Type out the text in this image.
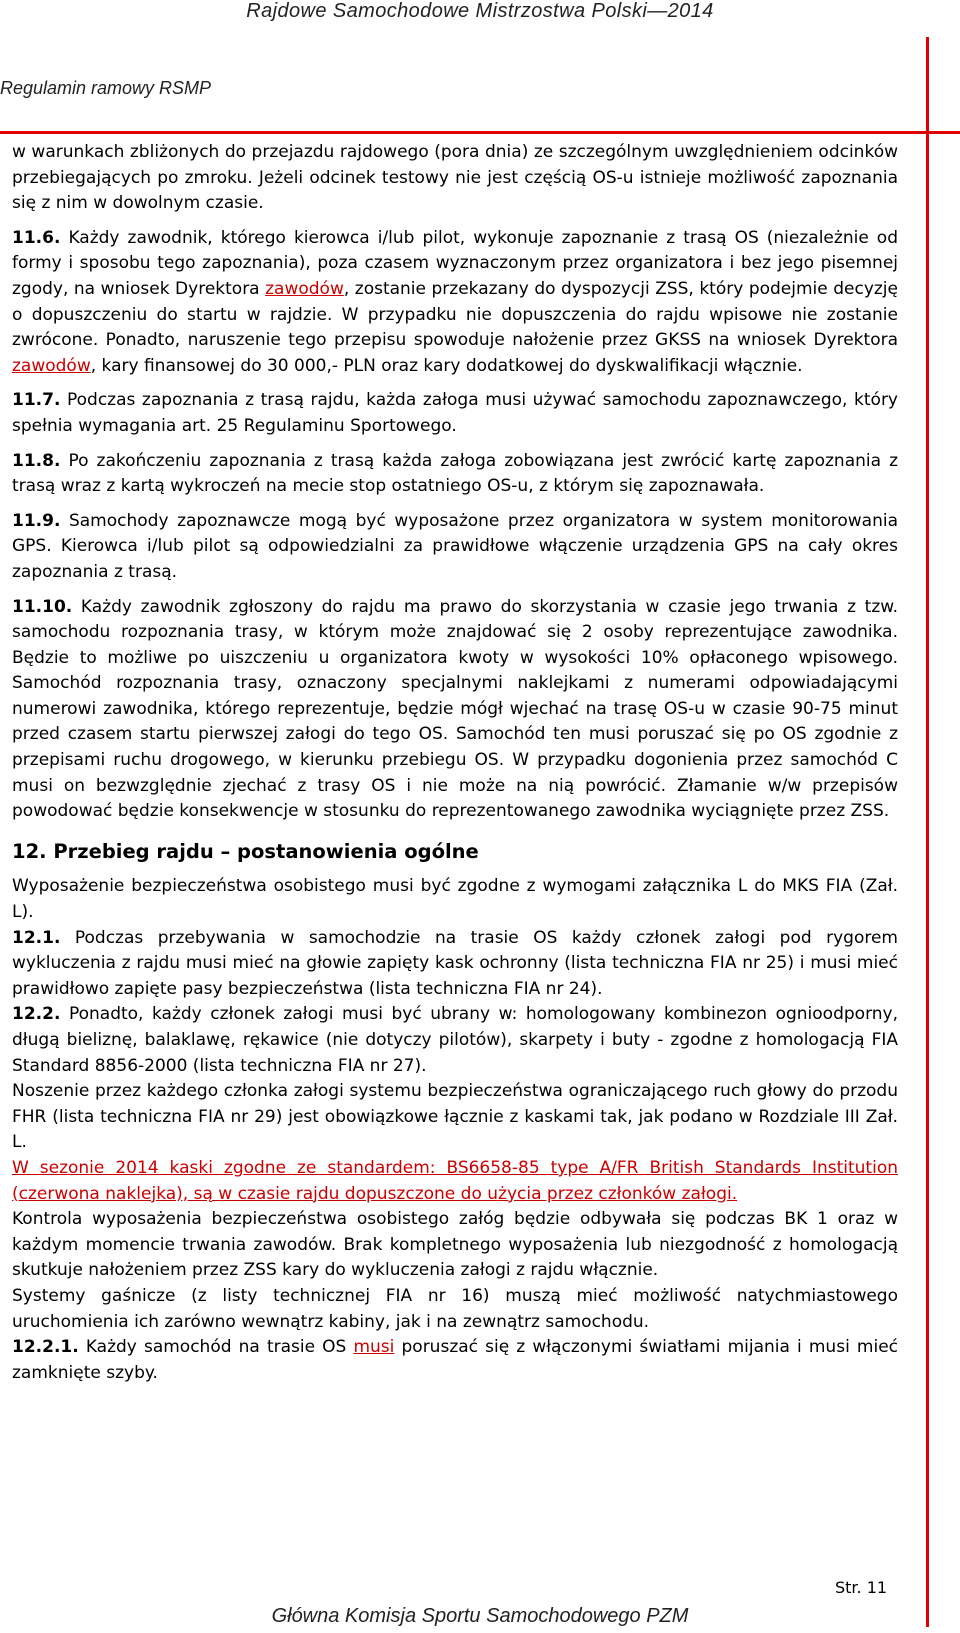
Rajdowe Samochodowe Mistrzostwa Polski—2014
Regulamin ramowy RSMP

w warunkach zbliżonych do przejazdu rajdowego (pora dnia) ze szczególnym uwzględnieniem odcinków przebiegających po zmroku. Jeżeli odcinek testowy nie jest częścią OS-u istnieje możliwość zapoznania się z nim w dowolnym czasie.

11.6. Każdy zawodnik, którego kierowca i/lub pilot, wykonuje zapoznanie z trasą OS (niezależnie od formy i sposobu tego zapoznania), poza czasem wyznaczonym przez organizatora i bez jego pisemnej zgody, na wniosek Dyrektora zawodów, zostanie przekazany do dyspozycji ZSS, który podejmie decyzję o dopuszczeniu do startu w rajdzie. W przypadku nie dopuszczenia do rajdu wpisowe nie zostanie zwrócone. Ponadto, naruszenie tego przepisu spowoduje nałożenie przez GKSS na wniosek Dyrektora zawodów, kary finansowej do 30 000,- PLN oraz kary dodatkowej do dyskwalifikacji włącznie.

11.7. Podczas zapoznania z trasą rajdu, każda załoga musi używać samochodu zapoznawczego, który spełnia wymagania art. 25 Regulaminu Sportowego.

11.8. Po zakończeniu zapoznania z trasą każda załoga zobowiązana jest zwrócić kartę zapoznania z trasą wraz z kartą wykroczeń na mecie stop ostatniego OS-u, z którym się zapoznawała.

11.9. Samochody zapoznawcze mogą być wyposażone przez organizatora w system monitorowania GPS. Kierowca i/lub pilot są odpowiedzialni za prawidłowe włączenie urządzenia GPS na cały okres zapoznania z trasą.

11.10. Każdy zawodnik zgłoszony do rajdu ma prawo do skorzystania w czasie jego trwania z tzw. samochodu rozpoznania trasy, w którym może znajdować się 2 osoby reprezentujące zawodnika. Będzie to możliwe po uiszczeniu u organizatora kwoty w wysokości 10% opłaconego wpisowego. Samochód rozpoznania trasy, oznaczony specjalnymi naklejkami z numerami odpowiadającymi numerowi zawodnika, którego reprezentuje, będzie mógł wjechać na trasę OS-u w czasie 90-75 minut przed czasem startu pierwszej załogi do tego OS. Samochód ten musi poruszać się po OS zgodnie z przepisami ruchu drogowego, w kierunku przebiegu OS. W przypadku dogonienia przez samochód C musi on bezwzględnie zjechać z trasy OS i nie może na nią powrócić. Złamanie w/w przepisów powodować będzie konsekwencje w stosunku do reprezentowanego zawodnika wyciągnięte przez ZSS.

12. Przebieg rajdu – postanowienia ogólne

Wyposażenie bezpieczeństwa osobistego musi być zgodne z wymogami załącznika L do MKS FIA (Zał. L).

12.1. Podczas przebywania w samochodzie na trasie OS każdy członek załogi pod rygorem wykluczenia z rajdu musi mieć na głowie zapięty kask ochronny (lista techniczna FIA nr 25) i musi mieć prawidłowo zapięte pasy bezpieczeństwa (lista techniczna FIA nr 24).

12.2. Ponadto, każdy członek załogi musi być ubrany w: homologowany kombinezon ognioodporny, długą bieliznę, balaklawę, rękawice (nie dotyczy pilotów), skarpety i buty - zgodne z homologacją FIA Standard 8856-2000 (lista techniczna FIA nr 27).

Noszenie przez każdego członka załogi systemu bezpieczeństwa ograniczającego ruch głowy do przodu FHR (lista techniczna FIA nr 29) jest obowiązkowe łącznie z kaskami tak, jak podano w Rozdziale III Zał. L.

W sezonie 2014 kaski zgodne ze standardem: BS6658-85 type A/FR British Standards Institution (czerwona naklejka), są w czasie rajdu dopuszczone do użycia przez członków załogi.

Kontrola wyposażenia bezpieczeństwa osobistego załóg będzie odbywała się podczas BK 1 oraz w każdym momencie trwania zawodów. Brak kompletnego wyposażenia lub niezgodność z homologacją skutkuje nałożeniem przez ZSS kary do wykluczenia załogi z rajdu włącznie.

Systemy gaśnicze (z listy technicznej FIA nr 16) muszą mieć możliwość natychmiastowego uruchomienia ich zarówno wewnątrz kabiny, jak i na zewnątrz samochodu.

12.2.1. Każdy samochód na trasie OS musi poruszać się z włączonymi światłami mijania i musi mieć zamknięte szyby.

Str. 11
Główna Komisja Sportu Samochodowego PZM
